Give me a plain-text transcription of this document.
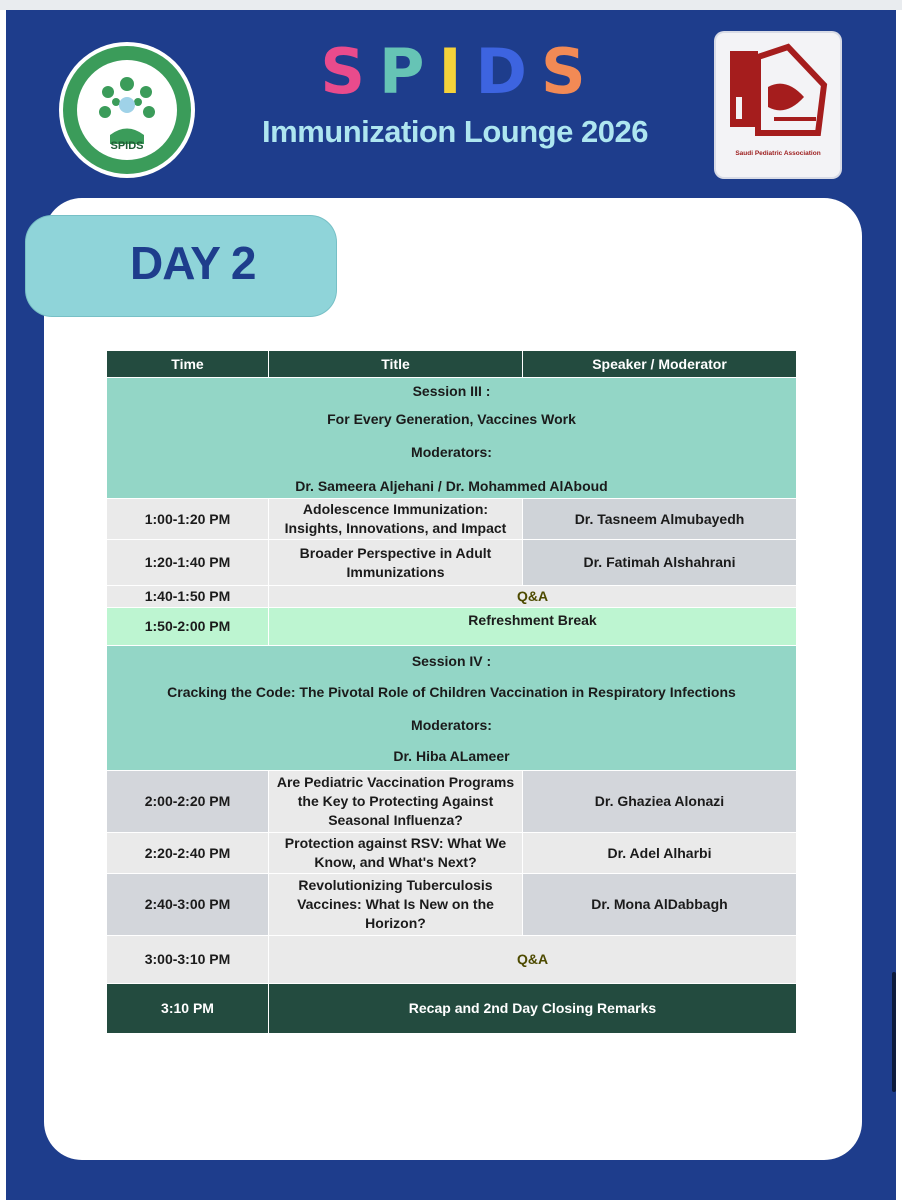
SPIDS
Saudi Pediatric Association
SPIDS
Immunization Lounge 2026
DAY 2
Time	Title	Speaker / Moderator

Session III :

For Every Generation, Vaccines Work

Moderators:

Dr. Sameera Aljehani / Dr. Mohammed AlAboud		

1:00-1:20 PM	Adolescence Immunization: Insights, Innovations, and Impact	Dr. Tasneem Almubayedh
1:20-1:40 PM	Broader Perspective in Adult Immunizations	Dr. Fatimah Alshahrani
1:40-1:50 PM	Q&A	
1:50-2:00 PM	Refreshment Break	

Session IV :

Cracking the Code: The Pivotal Role of Children Vaccination in Respiratory Infections

Moderators:

Dr. Hiba ALameer		

2:00-2:20 PM	Are Pediatric Vaccination Programs the Key to Protecting Against Seasonal Influenza?	Dr. Ghaziea Alonazi
2:20-2:40 PM	Protection against RSV: What We Know, and What's Next?	Dr. Adel Alharbi
2:40-3:00 PM	Revolutionizing Tuberculosis Vaccines: What Is New on the Horizon?	Dr. Mona AlDabbagh
3:00-3:10 PM	Q&A	
3:10 PM	Recap and 2nd Day Closing Remarks	
